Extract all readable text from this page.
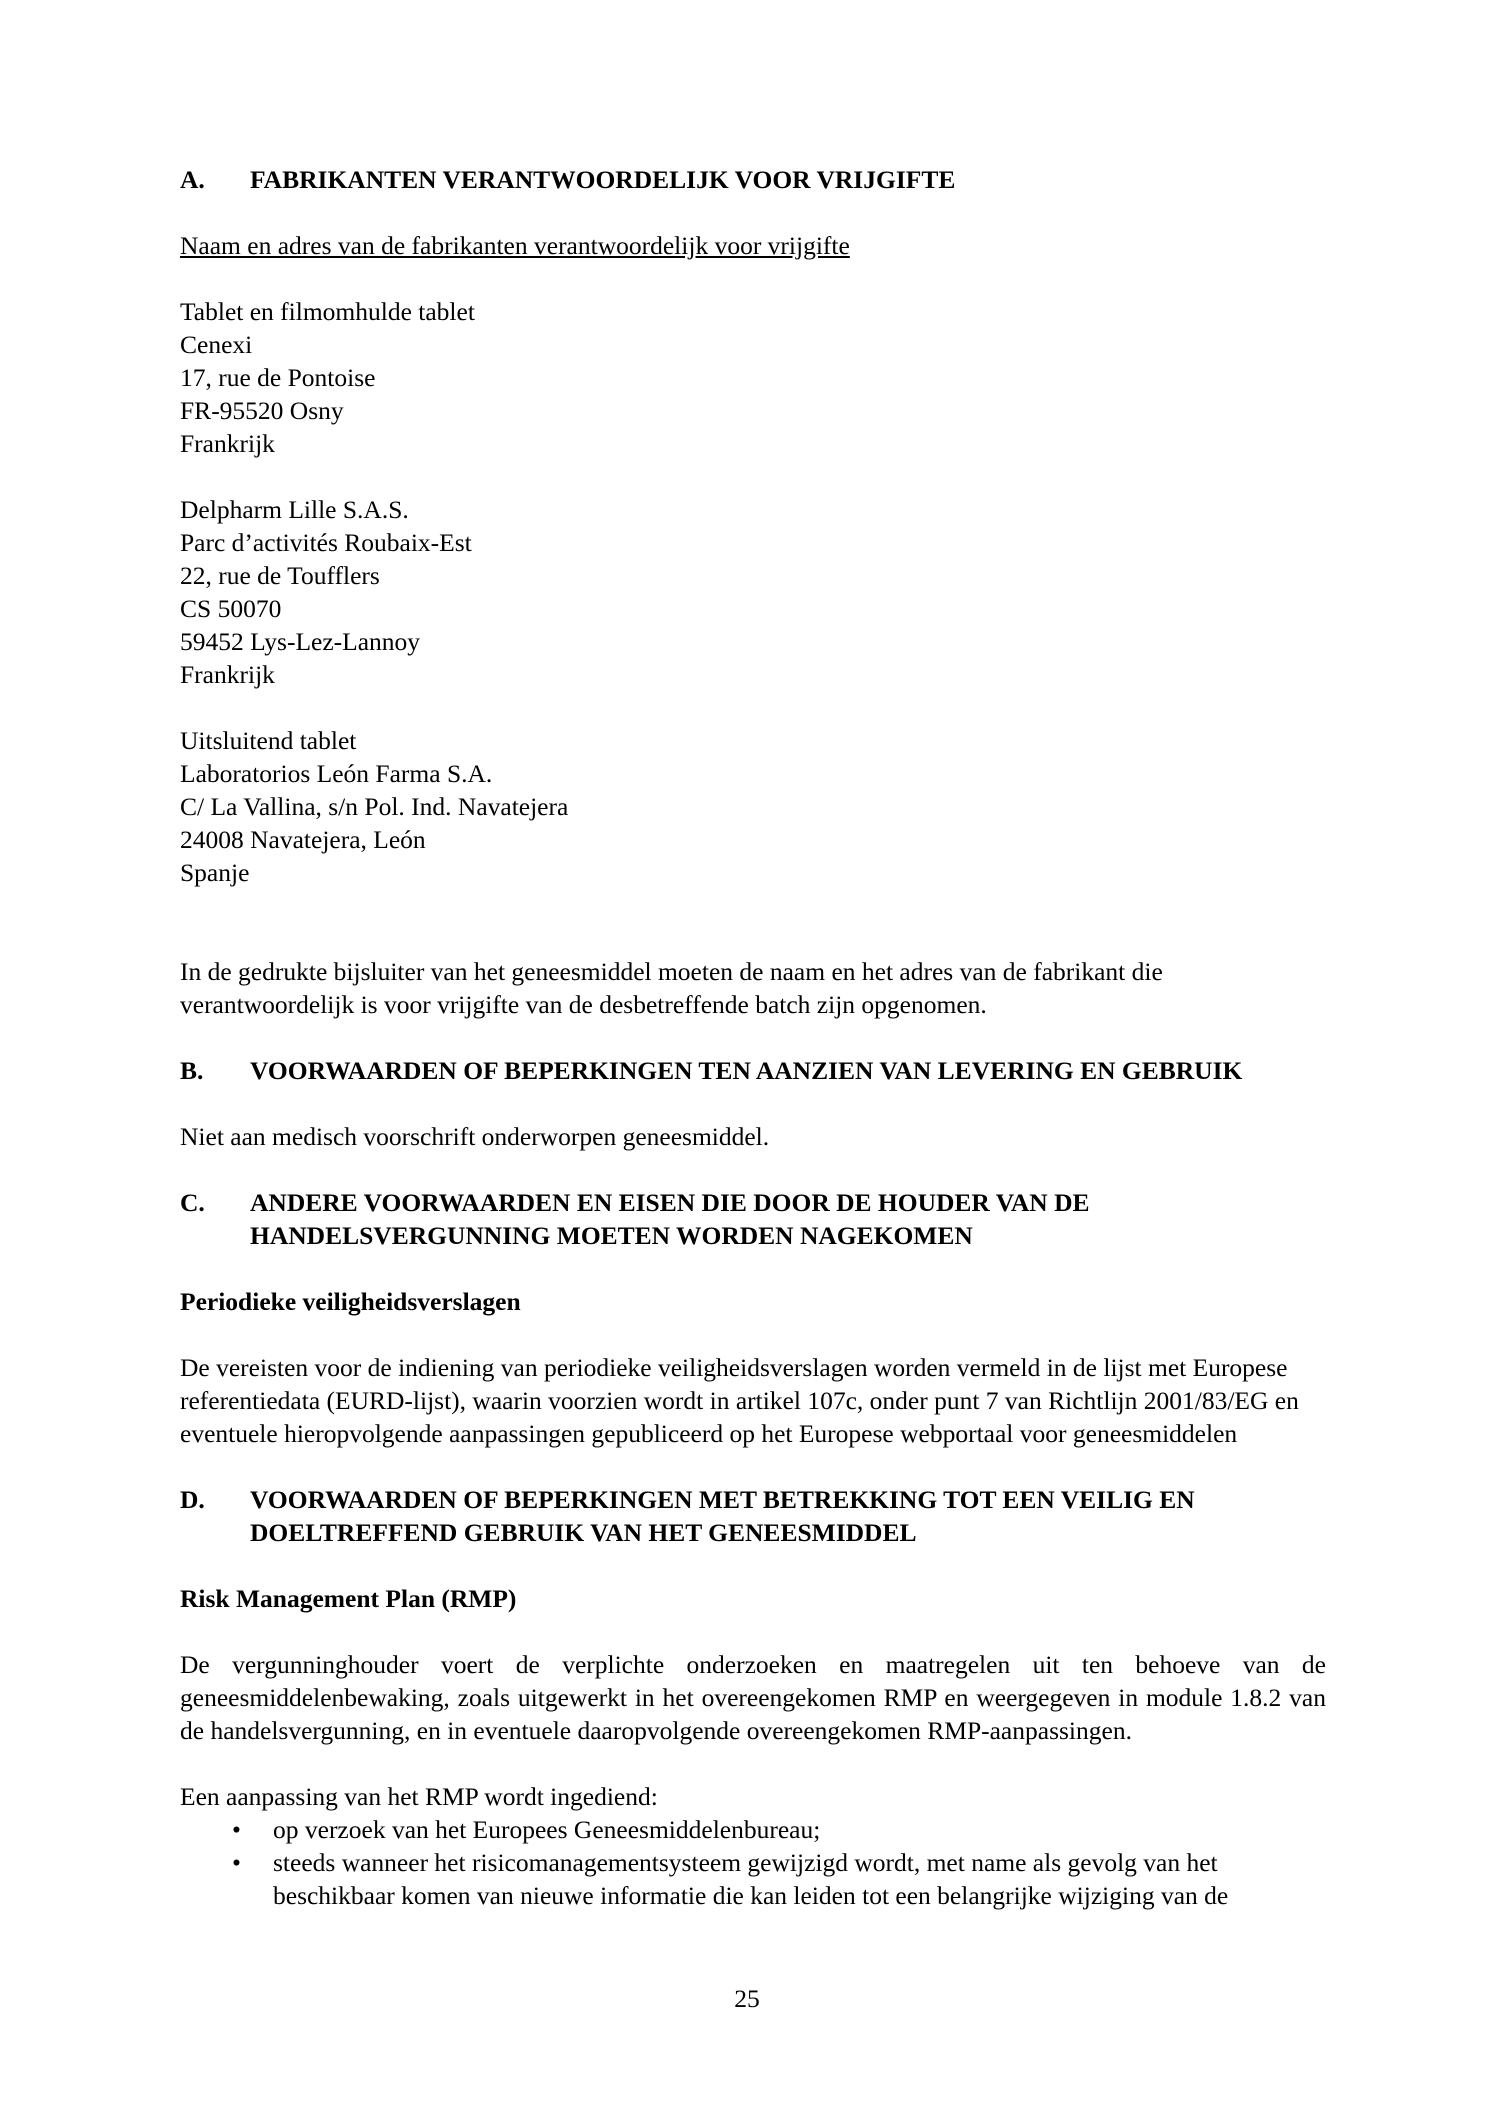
A.	FABRIKANTEN VERANTWOORDELIJK VOOR VRIJGIFTE
Naam en adres van de fabrikanten verantwoordelijk voor vrijgifte
Tablet en filmomhulde tablet
Cenexi
17, rue de Pontoise
FR-95520 Osny
Frankrijk
Delpharm Lille S.A.S.
Parc d’activités Roubaix-Est
22, rue de Toufflers
CS 50070
59452 Lys-Lez-Lannoy
Frankrijk
Uitsluitend tablet
Laboratorios León Farma S.A.
C/ La Vallina, s/n Pol. Ind. Navatejera
24008 Navatejera, León
Spanje

In de gedrukte bijsluiter van het geneesmiddel moeten de naam en het adres van de fabrikant die verantwoordelijk is voor vrijgifte van de desbetreffende batch zijn opgenomen.

B.	VOORWAARDEN OF BEPERKINGEN TEN AANZIEN VAN LEVERING EN GEBRUIK

Niet aan medisch voorschrift onderworpen geneesmiddel.

C.	ANDERE VOORWAARDEN EN EISEN DIE DOOR DE HOUDER VAN DE HANDELSVERGUNNING MOETEN WORDEN NAGEKOMEN
Periodieke veiligheidsverslagen

De vereisten voor de indiening van periodieke veiligheidsverslagen worden vermeld in de lijst met Europese referentiedata (EURD-lijst), waarin voorzien wordt in artikel 107c, onder punt 7 van Richtlijn 2001/83/EG en eventuele hieropvolgende aanpassingen gepubliceerd op het Europese webportaal voor geneesmiddelen

D.	VOORWAARDEN OF BEPERKINGEN MET BETREKKING TOT EEN VEILIG EN DOELTREFFEND GEBRUIK VAN HET GENEESMIDDEL
Risk Management Plan (RMP)

De vergunninghouder voert de verplichte onderzoeken en maatregelen uit ten behoeve van de geneesmiddelenbewaking, zoals uitgewerkt in het overeengekomen RMP en weergegeven in module 1.8.2 van de handelsvergunning, en in eventuele daaropvolgende overeengekomen RMP-aanpassingen.

Een aanpassing van het RMP wordt ingediend:
• op verzoek van het Europees Geneesmiddelenbureau;
• steeds wanneer het risicomanagementsysteem gewijzigd wordt, met name als gevolg van het beschikbaar komen van nieuwe informatie die kan leiden tot een belangrijke wijziging van de
25
